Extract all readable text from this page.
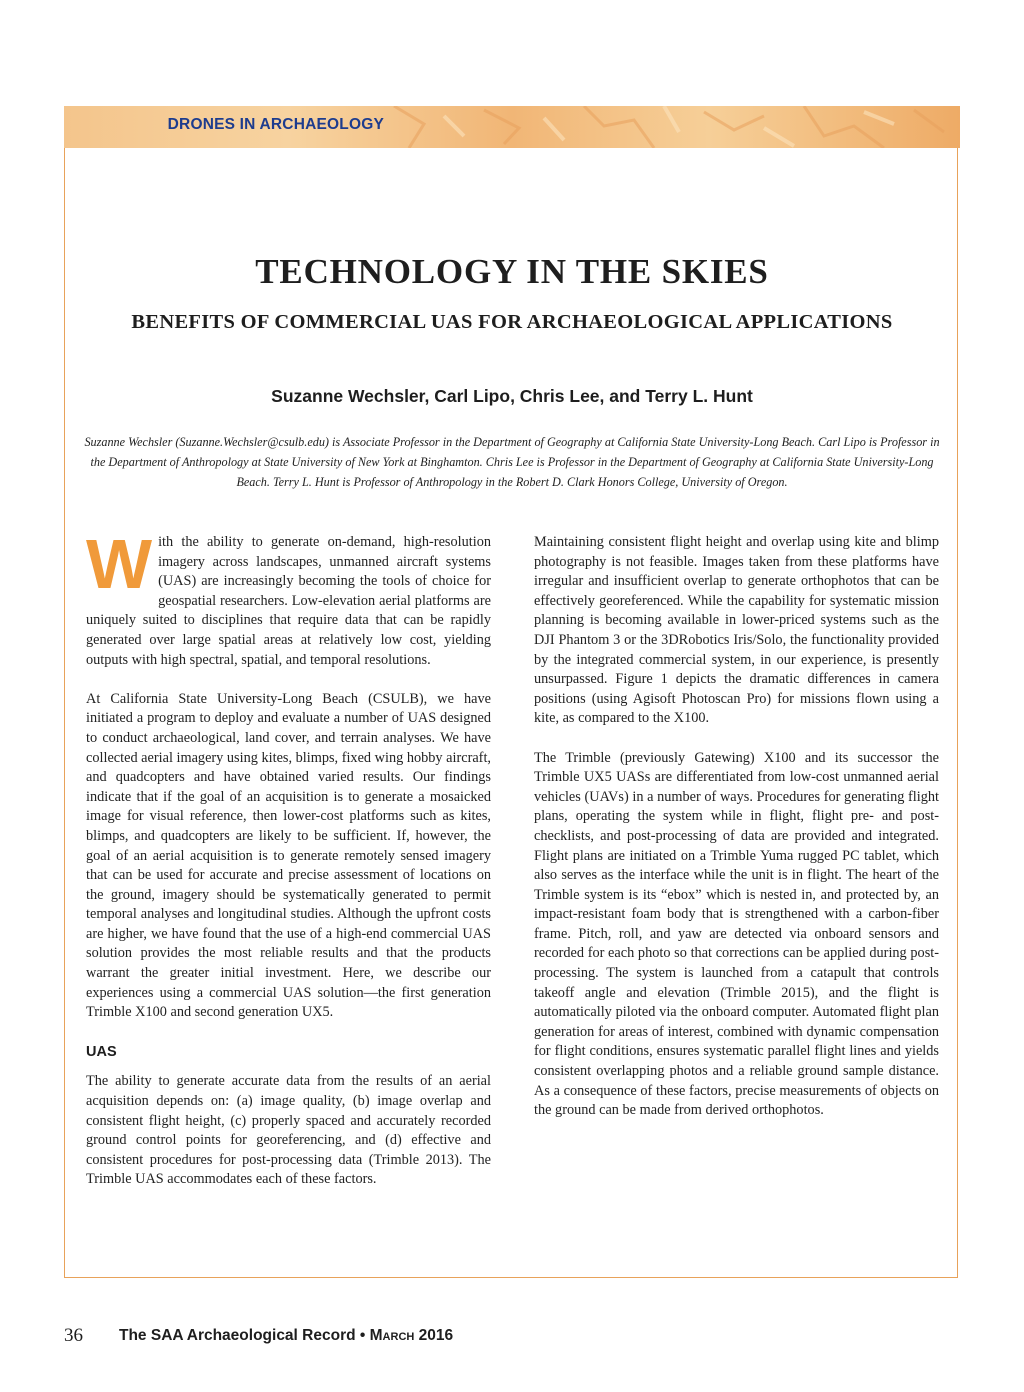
DRONES IN ARCHAEOLOGY
TECHNOLOGY IN THE SKIES
BENEFITS OF COMMERCIAL UAS FOR ARCHAEOLOGICAL APPLICATIONS
Suzanne Wechsler, Carl Lipo, Chris Lee, and Terry L. Hunt
Suzanne Wechsler (Suzanne.Wechsler@csulb.edu) is Associate Professor in the Department of Geography at California State University-Long Beach. Carl Lipo is Professor in the Department of Anthropology at State University of New York at Binghamton. Chris Lee is Professor in the Department of Geography at California State University-Long Beach. Terry L. Hunt is Professor of Anthropology in the Robert D. Clark Honors College, University of Oregon.

With the ability to generate on-demand, high-resolution imagery across landscapes, unmanned aircraft systems (UAS) are increasingly becoming the tools of choice for geospatial researchers. Low-elevation aerial platforms are uniquely suited to disciplines that require data that can be rapidly generated over large spatial areas at relatively low cost, yielding outputs with high spectral, spatial, and temporal resolutions.

At California State University-Long Beach (CSULB), we have initiated a program to deploy and evaluate a number of UAS designed to conduct archaeological, land cover, and terrain analyses. We have collected aerial imagery using kites, blimps, fixed wing hobby aircraft, and quadcopters and have obtained varied results. Our findings indicate that if the goal of an acquisition is to generate a mosaicked image for visual reference, then lower-cost platforms such as kites, blimps, and quadcopters are likely to be sufficient. If, however, the goal of an aerial acquisition is to generate remotely sensed imagery that can be used for accurate and precise assessment of locations on the ground, imagery should be systematically generated to permit temporal analyses and longitudinal studies. Although the upfront costs are higher, we have found that the use of a high-end commercial UAS solution provides the most reliable results and that the products warrant the greater initial investment. Here, we describe our experiences using a commercial UAS solution—the first generation Trimble X100 and second generation UX5.

UAS

The ability to generate accurate data from the results of an aerial acquisition depends on: (a) image quality, (b) image overlap and consistent flight height, (c) properly spaced and accurately recorded ground control points for georeferencing, and (d) effective and consistent procedures for post-processing data (Trimble 2013). The Trimble UAS accommodates each of these factors.

Maintaining consistent flight height and overlap using kite and blimp photography is not feasible. Images taken from these platforms have irregular and insufficient overlap to generate orthophotos that can be effectively georeferenced. While the capability for systematic mission planning is becoming available in lower-priced systems such as the DJI Phantom 3 or the 3DRobotics Iris/Solo, the functionality provided by the integrated commercial system, in our experience, is presently unsurpassed. Figure 1 depicts the dramatic differences in camera positions (using Agisoft Photoscan Pro) for missions flown using a kite, as compared to the X100.

The Trimble (previously Gatewing) X100 and its successor the Trimble UX5 UASs are differentiated from low-cost unmanned aerial vehicles (UAVs) in a number of ways. Procedures for generating flight plans, operating the system while in flight, flight pre- and post-checklists, and post-processing of data are provided and integrated. Flight plans are initiated on a Trimble Yuma rugged PC tablet, which also serves as the interface while the unit is in flight. The heart of the Trimble system is its “ebox” which is nested in, and protected by, an impact-resistant foam body that is strengthened with a carbon-fiber frame. Pitch, roll, and yaw are detected via onboard sensors and recorded for each photo so that corrections can be applied during post-processing. The system is launched from a catapult that controls takeoff angle and elevation (Trimble 2015), and the flight is automatically piloted via the onboard computer. Automated flight plan generation for areas of interest, combined with dynamic compensation for flight conditions, ensures systematic parallel flight lines and yields consistent overlapping photos and a reliable ground sample distance. As a consequence of these factors, precise measurements of objects on the ground can be made from derived orthophotos.

36 The SAA Archaeological Record • March 2016
